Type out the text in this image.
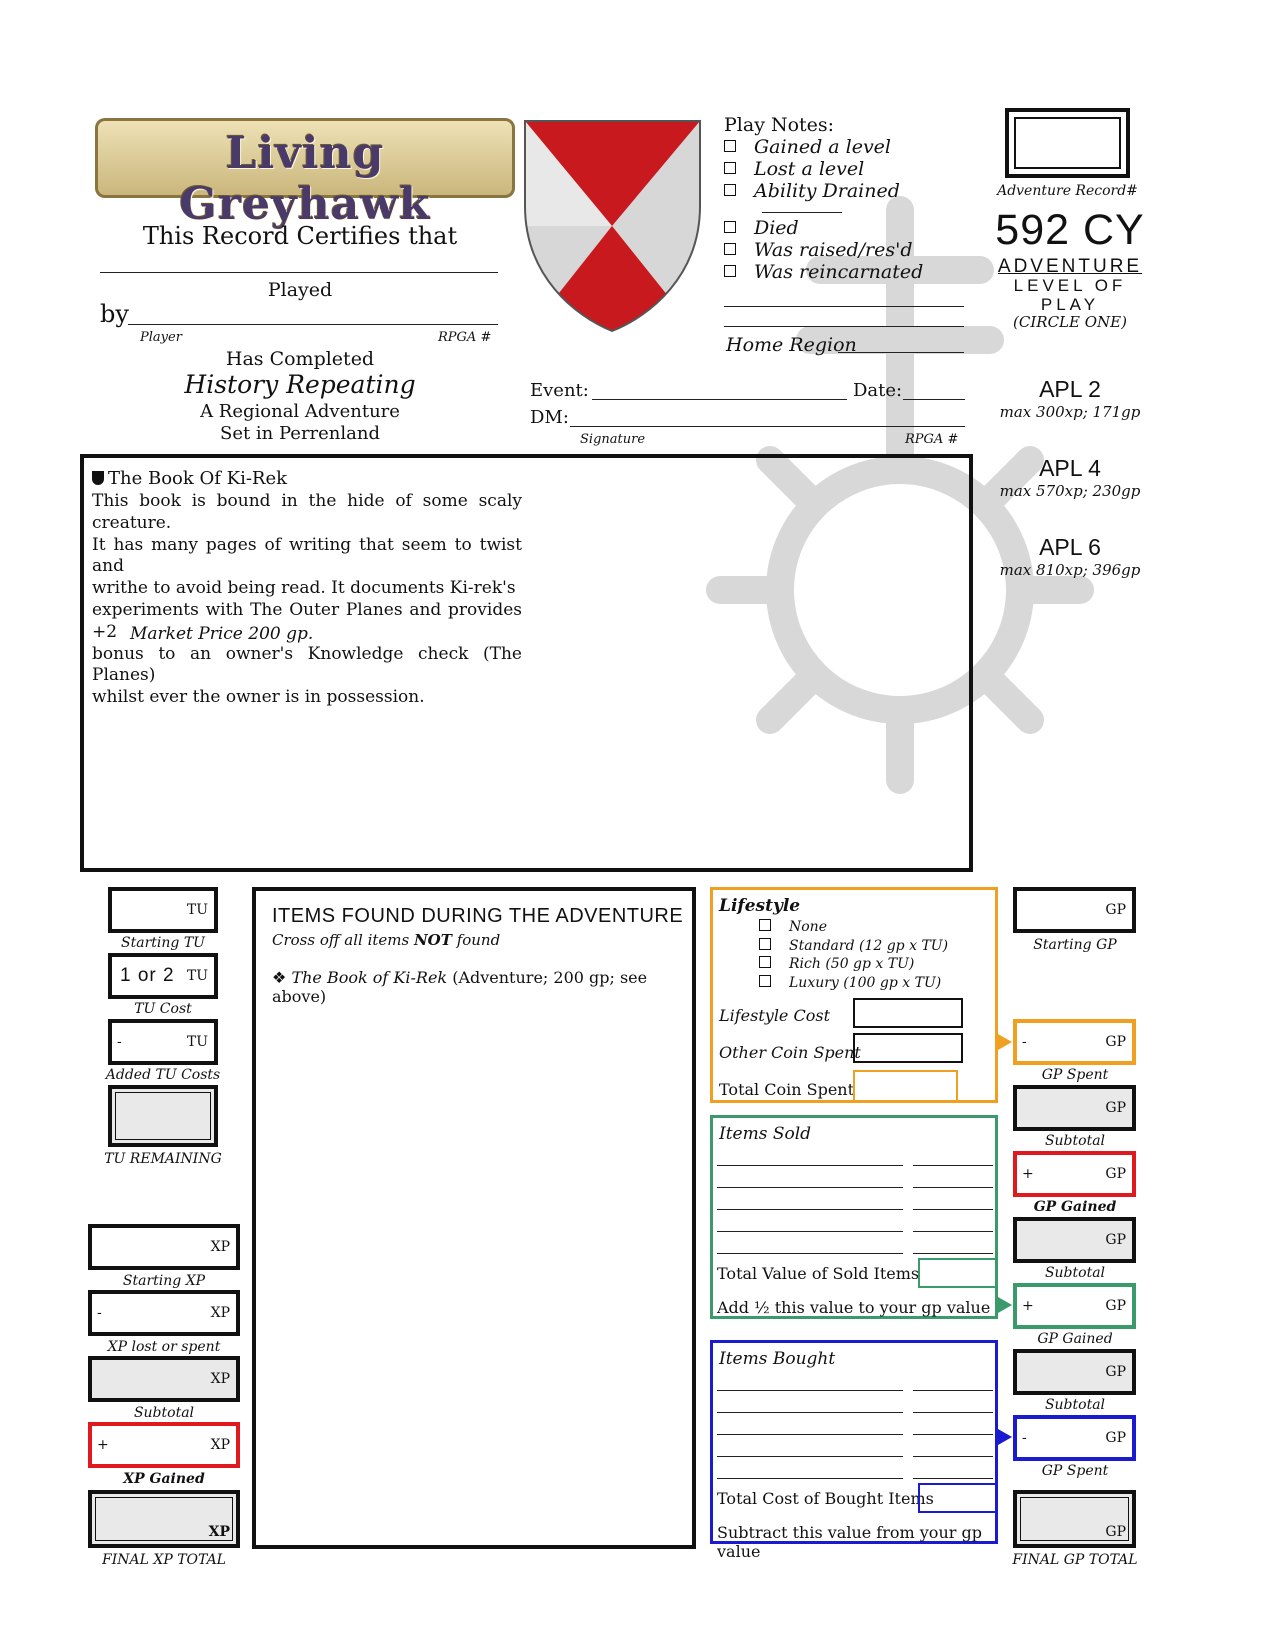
Living Greyhawk
This Record Certifies that
Played
by
Player	RPGA #
Has Completed
History Repeating
A Regional Adventure
Set in Perrenland
Play Notes:
Gained a level
Lost a level
Ability Drained
Died
Was raised/res'd
Was reincarnated
Home Region
Adventure Record#
592 CY
ADVENTURE
LEVEL OF
PLAY
(CIRCLE ONE)
APL 2
max 300xp; 171gp
APL 4
max 570xp; 230gp
APL 6
max 810xp; 396gp
Event:	Date:
DM:
Signature	RPGA #
The Book Of Ki-Rek
This book is bound in the hide of some scaly creature.
It has many pages of writing that seem to twist and
writhe to avoid being read. It documents Ki-rek's
experiments with The Outer Planes and provides +2
bonus to an owner's Knowledge check (The Planes)
whilst ever the owner is in possession.
Market Price 200 gp.
TU
Starting TU
1 or 2 TU
TU Cost
-	TU
Added TU Costs
TU REMAINING
XP
Starting XP
-	XP
XP lost or spent
XP
Subtotal
+	XP
XP Gained
XP
FINAL XP TOTAL
ITEMS FOUND DURING THE ADVENTURE
Cross off all items NOT found
❖ The Book of Ki-Rek (Adventure; 200 gp; see above)
Lifestyle
None
Standard (12 gp x TU)
Rich (50 gp x TU)
Luxury (100 gp x TU)
Lifestyle Cost
Other Coin Spent
Total Coin Spent
Items Sold
Total Value of Sold Items
Add ½ this value to your gp value
Items Bought
Total Cost of Bought Items
Subtract this value from your gp value
GP
Starting GP
-	GP
GP Spent
GP
Subtotal
+	GP
GP Gained
GP
Subtotal
+	GP
GP Gained
GP
Subtotal
-	GP
GP Spent
GP
FINAL GP TOTAL
